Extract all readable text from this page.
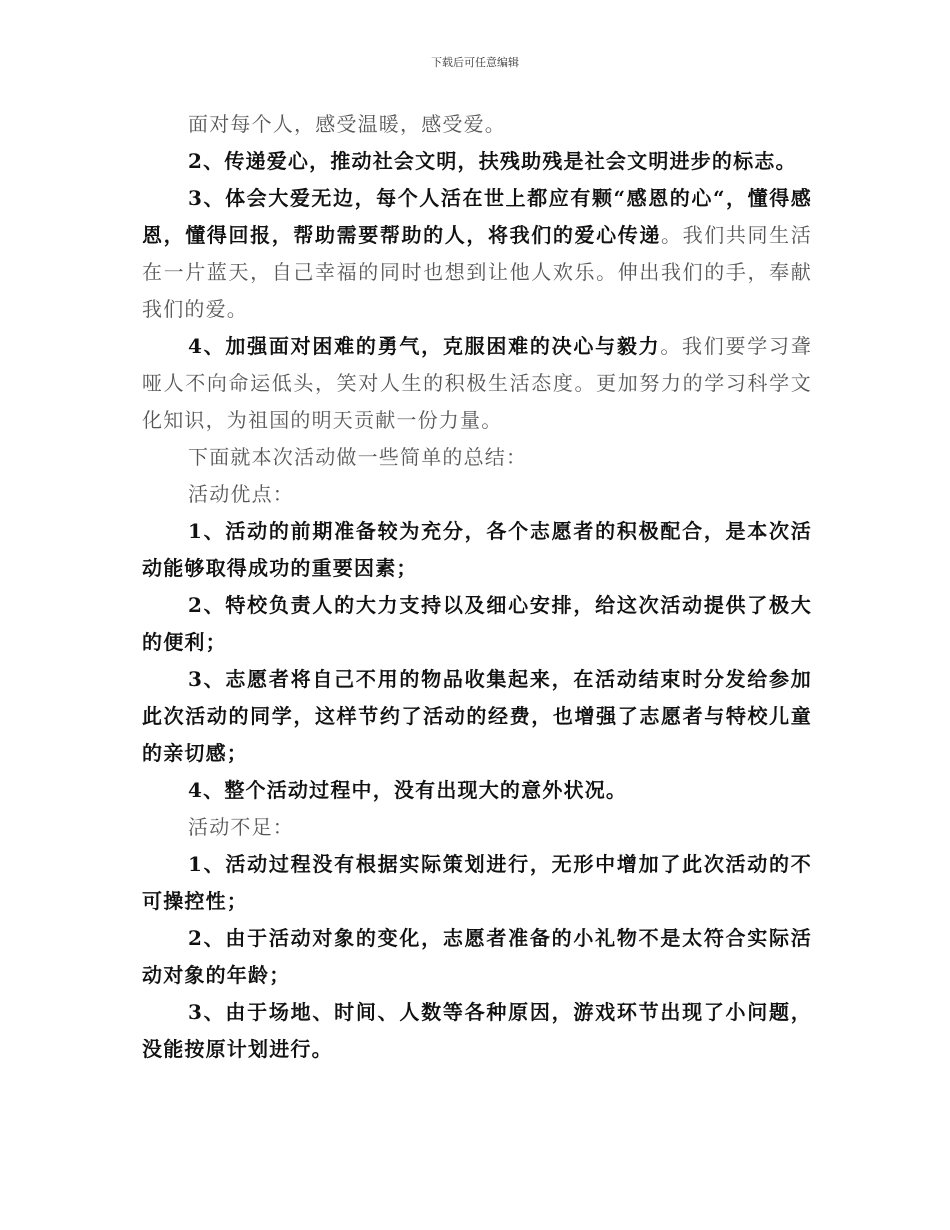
下载后可任意编辑

面对每个人，感受温暖，感受爱。

2、传递爱心，推动社会文明，扶残助残是社会文明进步的标志。

3、体会大爱无边，每个人活在世上都应有颗“感恩的心“，懂得感恩，懂得回报，帮助需要帮助的人，将我们的爱心传递。我们共同生活在一片蓝天，自己幸福的同时也想到让他人欢乐。伸出我们的手，奉献我们的爱。

4、加强面对困难的勇气，克服困难的决心与毅力。我们要学习聋哑人不向命运低头，笑对人生的积极生活态度。更加努力的学习科学文化知识，为祖国的明天贡献一份力量。

下面就本次活动做一些简单的总结：

活动优点：

1、活动的前期准备较为充分，各个志愿者的积极配合，是本次活动能够取得成功的重要因素；

2、特校负责人的大力支持以及细心安排，给这次活动提供了极大的便利；

3、志愿者将自己不用的物品收集起来，在活动结束时分发给参加此次活动的同学，这样节约了活动的经费，也增强了志愿者与特校儿童的亲切感；

4、整个活动过程中，没有出现大的意外状况。

活动不足：

1、活动过程没有根据实际策划进行，无形中增加了此次活动的不可操控性；

2、由于活动对象的变化，志愿者准备的小礼物不是太符合实际活动对象的年龄；

3、由于场地、时间、人数等各种原因，游戏环节出现了小问题，没能按原计划进行。
